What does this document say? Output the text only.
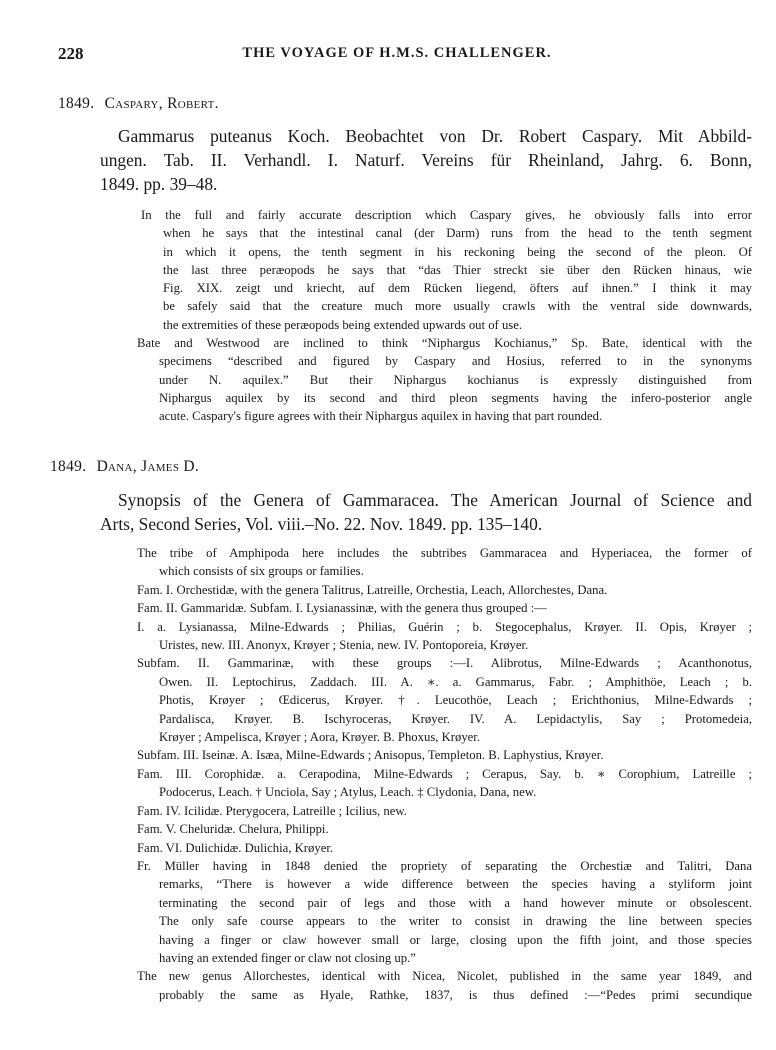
228	THE VOYAGE OF H.M.S. CHALLENGER.
1849. Caspary, Robert.
Gammarus puteanus Koch. Beobachtet von Dr. Robert Caspary. Mit Abbild-
ungen. Tab. II. Verhandl. I. Naturf. Vereins für Rheinland, Jahrg. 6. Bonn,
1849. pp. 39–48.
In the full and fairly accurate description which Caspary gives, he obviously falls into error
when he says that the intestinal canal (der Darm) runs from the head to the tenth segment
in which it opens, the tenth segment in his reckoning being the second of the pleon. Of
the last three peræopods he says that “das Thier streckt sie über den Rücken hinaus, wie
Fig. XIX. zeigt und kriecht, auf dem Rücken liegend, öfters auf ihnen.” I think it may
be safely said that the creature much more usually crawls with the ventral side downwards,
the extremities of these peræopods being extended upwards out of use.
Bate and Westwood are inclined to think “Niphargus Kochianus,” Sp. Bate, identical with the
specimens “described and figured by Caspary and Hosius, referred to in the synonyms
under N. aquilex.” But their Niphargus kochianus is expressly distinguished from
Niphargus aquilex by its second and third pleon segments having the infero-posterior angle
acute. Caspary's figure agrees with their Niphargus aquilex in having that part rounded.
1849. Dana, James D.
Synopsis of the Genera of Gammaracea. The American Journal of Science and
Arts, Second Series, Vol. viii.–No. 22. Nov. 1849. pp. 135–140.
The tribe of Amphipoda here includes the subtribes Gammaracea and Hyperiacea, the former of
which consists of six groups or families.
Fam. I. Orchestidæ, with the genera Talitrus, Latreille, Orchestia, Leach, Allorchestes, Dana.
Fam. II. Gammaridæ. Subfam. I. Lysianassinæ, with the genera thus grouped :—
I. a. Lysianassa, Milne-Edwards ; Philias, Guérin ; b. Stegocephalus, Krøyer. II. Opis, Krøyer ;
Uristes, new. III. Anonyx, Krøyer ; Stenia, new. IV. Pontoporeia, Krøyer.
Subfam. II. Gammarinæ, with these groups :—I. Alibrotus, Milne-Edwards ; Acanthonotus,
Owen. II. Leptochirus, Zaddach. III. A. ∗. a. Gammarus, Fabr. ; Amphithöe, Leach ; b.
Photis, Krøyer ; Œdicerus, Krøyer. †. Leucothöe, Leach ; Erichthonius, Milne-Edwards ;
Pardalisca, Krøyer. B. Ischyroceras, Krøyer. IV. A. Lepidactylis, Say ; Protomedeia,
Krøyer ; Ampelisca, Krøyer ; Aora, Krøyer. B. Phoxus, Krøyer.
Subfam. III. Iseinæ. A. Isæa, Milne-Edwards ; Anisopus, Templeton. B. Laphystius, Krøyer.
Fam. III. Corophidæ. a. Cerapodina, Milne-Edwards ; Cerapus, Say. b. ∗ Corophium, Latreille ;
Podocerus, Leach. † Unciola, Say ; Atylus, Leach. ‡ Clydonia, Dana, new.
Fam. IV. Icilidæ. Pterygocera, Latreille ; Icilius, new.
Fam. V. Cheluridæ. Chelura, Philippi.
Fam. VI. Dulichidæ. Dulichia, Krøyer.
Fr. Müller having in 1848 denied the propriety of separating the Orchestiæ and Talitri, Dana
remarks, “There is however a wide difference between the species having a styliform joint
terminating the second pair of legs and those with a hand however minute or obsolescent.
The only safe course appears to the writer to consist in drawing the line between species
having a finger or claw however small or large, closing upon the fifth joint, and those species
having an extended finger or claw not closing up.”
The new genus Allorchestes, identical with Nicea, Nicolet, published in the same year 1849, and
probably the same as Hyale, Rathke, 1837, is thus defined :—“Pedes primi secundique
